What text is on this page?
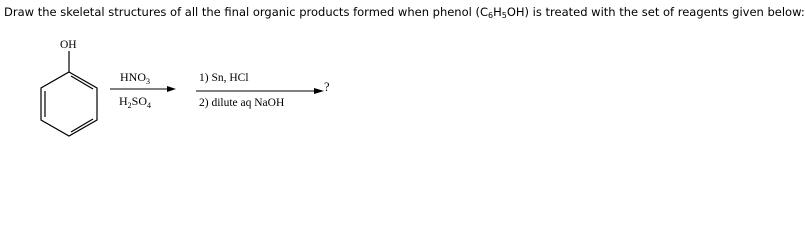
Draw the skeletal structures of all the final organic products formed when phenol $(C_6H_5OH)$ is treated with the set of reagents given below:
OH
$HNO_3$
$H_2SO_4$
1) Sn, HCl
2) dilute aq NaOH
?
